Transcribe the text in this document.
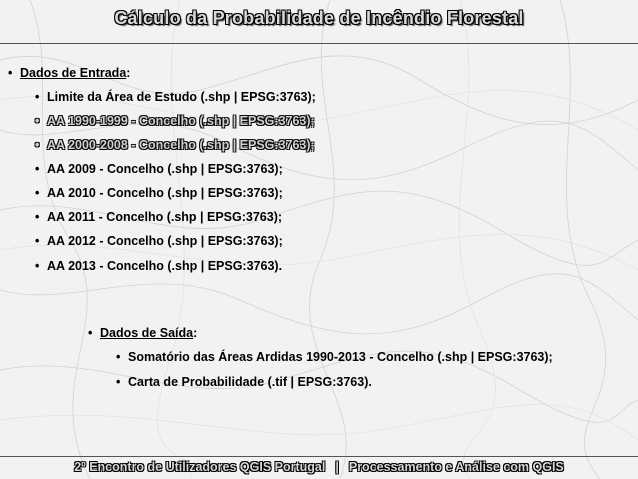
Cálculo da Probabilidade de Incêndio Florestal
• Dados de Entrada:
• Limite da Área de Estudo (.shp | EPSG:3763);
• AA 1990-1999 - Concelho (.shp | EPSG:3763);
• AA 2000-2008 - Concelho (.shp | EPSG:3763);
• AA 2009 - Concelho (.shp | EPSG:3763);
• AA 2010 - Concelho (.shp | EPSG:3763);
• AA 2011 - Concelho (.shp | EPSG:3763);
• AA 2012 - Concelho (.shp | EPSG:3763);
• AA 2013 - Concelho (.shp | EPSG:3763).
• Dados de Saída:
• Somatório das Áreas Ardidas 1990-2013 - Concelho (.shp | EPSG:3763);
• Carta de Probabilidade (.tif | EPSG:3763).
2º Encontro de Utilizadores QGIS Portugal | Processamento e Análise com QGIS
